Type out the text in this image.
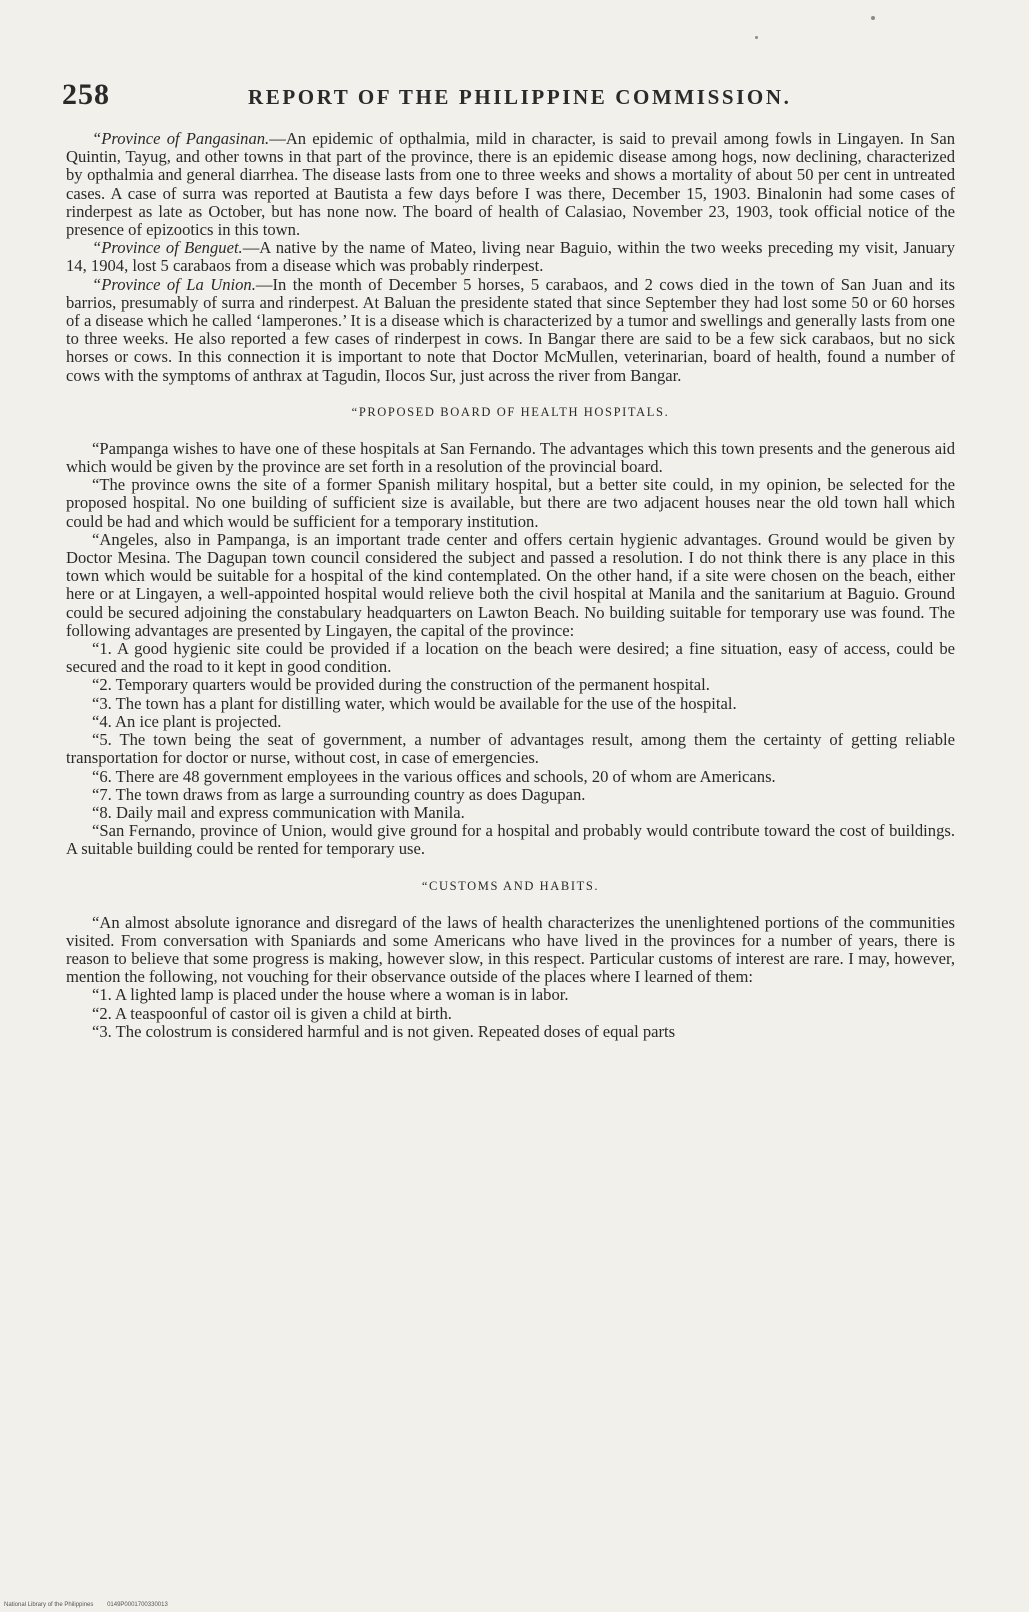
258	REPORT OF THE PHILIPPINE COMMISSION.

“Province of Pangasinan.—An epidemic of opthalmia, mild in character, is said to prevail among fowls in Lingayen. In San Quintin, Tayug, and other towns in that part of the province, there is an epidemic disease among hogs, now declining, characterized by opthalmia and general diarrhea. The disease lasts from one to three weeks and shows a mortality of about 50 per cent in untreated cases. A case of surra was reported at Bautista a few days before I was there, December 15, 1903. Binalonin had some cases of rinderpest as late as October, but has none now. The board of health of Calasiao, November 23, 1903, took official notice of the presence of epizootics in this town.

“Province of Benguet.—A native by the name of Mateo, living near Baguio, within the two weeks preceding my visit, January 14, 1904, lost 5 carabaos from a disease which was probably rinderpest.

“Province of La Union.—In the month of December 5 horses, 5 carabaos, and 2 cows died in the town of San Juan and its barrios, presumably of surra and rinderpest. At Baluan the presidente stated that since September they had lost some 50 or 60 horses of a disease which he called ‘lamperones.’ It is a disease which is characterized by a tumor and swellings and generally lasts from one to three weeks. He also reported a few cases of rinderpest in cows. In Bangar there are said to be a few sick carabaos, but no sick horses or cows. In this connection it is important to note that Doctor McMullen, veterinarian, board of health, found a number of cows with the symptoms of anthrax at Tagudin, Ilocos Sur, just across the river from Bangar.

“PROPOSED BOARD OF HEALTH HOSPITALS.

“Pampanga wishes to have one of these hospitals at San Fernando. The advantages which this town presents and the generous aid which would be given by the province are set forth in a resolution of the provincial board.

“The province owns the site of a former Spanish military hospital, but a better site could, in my opinion, be selected for the proposed hospital. No one building of sufficient size is available, but there are two adjacent houses near the old town hall which could be had and which would be sufficient for a temporary institution.

“Angeles, also in Pampanga, is an important trade center and offers certain hygienic advantages. Ground would be given by Doctor Mesina. The Dagupan town council considered the subject and passed a resolution. I do not think there is any place in this town which would be suitable for a hospital of the kind contemplated. On the other hand, if a site were chosen on the beach, either here or at Lingayen, a well-appointed hospital would relieve both the civil hospital at Manila and the sanitarium at Baguio. Ground could be secured adjoining the constabulary headquarters on Lawton Beach. No building suitable for temporary use was found. The following advantages are presented by Lingayen, the capital of the province:

“1. A good hygienic site could be provided if a location on the beach were desired; a fine situation, easy of access, could be secured and the road to it kept in good condition.

“2. Temporary quarters would be provided during the construction of the permanent hospital.

“3. The town has a plant for distilling water, which would be available for the use of the hospital.

“4. An ice plant is projected.

“5. The town being the seat of government, a number of advantages result, among them the certainty of getting reliable transportation for doctor or nurse, without cost, in case of emergencies.

“6. There are 48 government employees in the various offices and schools, 20 of whom are Americans.

“7. The town draws from as large a surrounding country as does Dagupan.

“8. Daily mail and express communication with Manila.

“San Fernando, province of Union, would give ground for a hospital and probably would contribute toward the cost of buildings. A suitable building could be rented for temporary use.

“CUSTOMS AND HABITS.

“An almost absolute ignorance and disregard of the laws of health characterizes the unenlightened portions of the communities visited. From conversation with Spaniards and some Americans who have lived in the provinces for a number of years, there is reason to believe that some progress is making, however slow, in this respect. Particular customs of interest are rare. I may, however, mention the following, not vouching for their observance outside of the places where I learned of them:

“1. A lighted lamp is placed under the house where a woman is in labor.

“2. A teaspoonful of castor oil is given a child at birth.

“3. The colostrum is considered harmful and is not given. Repeated doses of equal parts

National Library of the Philippines 0149P0001700330013
